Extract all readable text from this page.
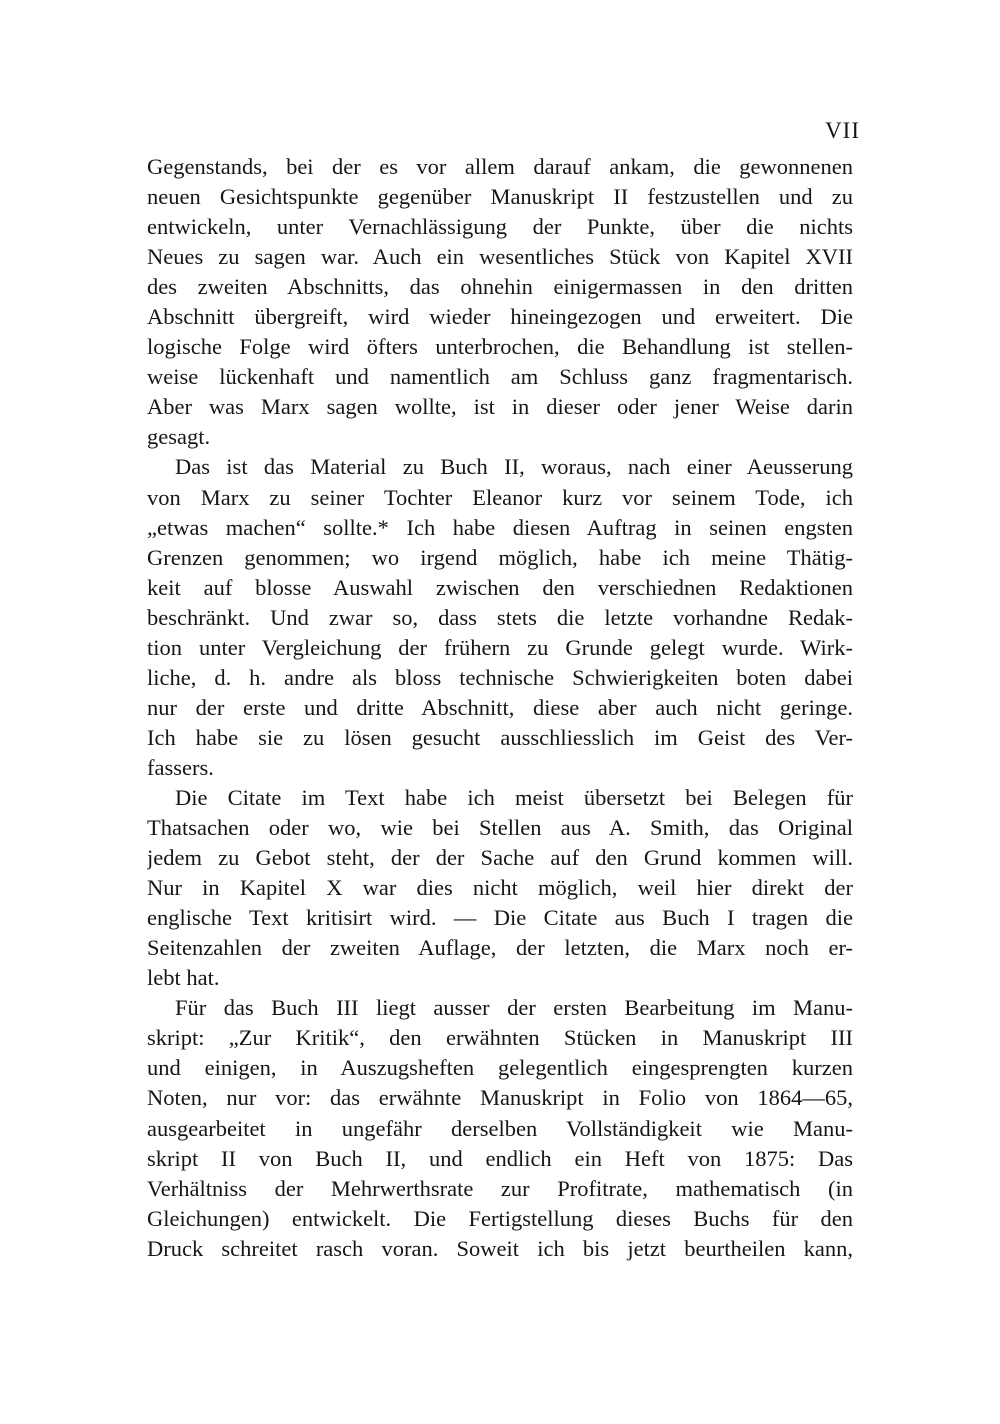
VII

Gegenstands, bei der es vor allem darauf ankam, die gewonnenen
neuen Gesichtspunkte gegenüber Manuskript II festzustellen und zu
entwickeln, unter Vernachlässigung der Punkte, über die nichts
Neues zu sagen war. Auch ein wesentliches Stück von Kapitel XVII
des zweiten Abschnitts, das ohnehin einigermassen in den dritten
Abschnitt übergreift, wird wieder hineingezogen und erweitert. Die
logische Folge wird öfters unterbrochen, die Behandlung ist stellen-
weise lückenhaft und namentlich am Schluss ganz fragmentarisch.
Aber was Marx sagen wollte, ist in dieser oder jener Weise darin
gesagt.

Das ist das Material zu Buch II, woraus, nach einer Aeusserung
von Marx zu seiner Tochter Eleanor kurz vor seinem Tode, ich
„etwas machen“ sollte.* Ich habe diesen Auftrag in seinen engsten
Grenzen genommen; wo irgend möglich, habe ich meine Thätig-
keit auf blosse Auswahl zwischen den verschiednen Redaktionen
beschränkt. Und zwar so, dass stets die letzte vorhandne Redak-
tion unter Vergleichung der frühern zu Grunde gelegt wurde. Wirk-
liche, d. h. andre als bloss technische Schwierigkeiten boten dabei
nur der erste und dritte Abschnitt, diese aber auch nicht geringe.
Ich habe sie zu lösen gesucht ausschliesslich im Geist des Ver-
fassers.

Die Citate im Text habe ich meist übersetzt bei Belegen für
Thatsachen oder wo, wie bei Stellen aus A. Smith, das Original
jedem zu Gebot steht, der der Sache auf den Grund kommen will.
Nur in Kapitel X war dies nicht möglich, weil hier direkt der
englische Text kritisirt wird. — Die Citate aus Buch I tragen die
Seitenzahlen der zweiten Auflage, der letzten, die Marx noch er-
lebt hat.

Für das Buch III liegt ausser der ersten Bearbeitung im Manu-
skript: „Zur Kritik“, den erwähnten Stücken in Manuskript III
und einigen, in Auszugsheften gelegentlich eingesprengten kurzen
Noten, nur vor: das erwähnte Manuskript in Folio von 1864—65,
ausgearbeitet in ungefähr derselben Vollständigkeit wie Manu-
skript II von Buch II, und endlich ein Heft von 1875: Das
Verhältniss der Mehrwerthsrate zur Profitrate, mathematisch (in
Gleichungen) entwickelt. Die Fertigstellung dieses Buchs für den
Druck schreitet rasch voran. Soweit ich bis jetzt beurtheilen kann,
